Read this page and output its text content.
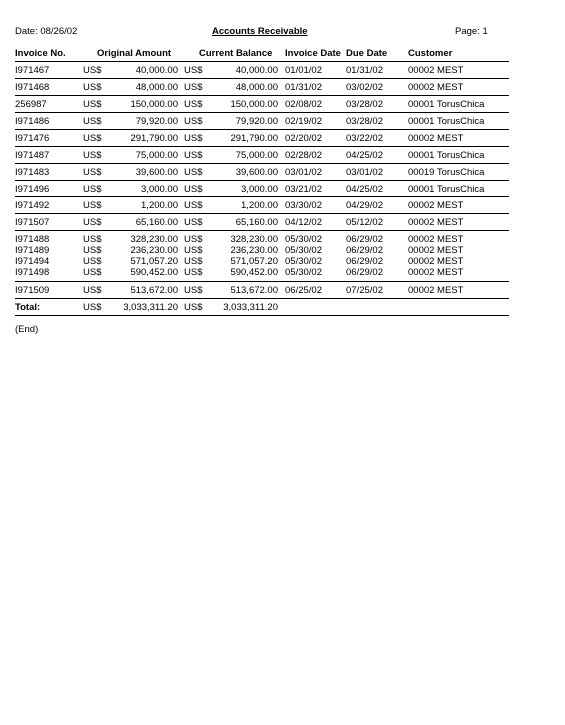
Date: 08/26/02	Accounts Receivable	Page: 1
Invoice No.	Original Amount	Current Balance Invoice Date Due Date Customer
I971467	US$	40,000.00 US$	40,000.00 01/01/02	01/31/02	00002 MEST
I971468	US$	48,000.00 US$	48,000.00 01/31/02	03/02/02	00002 MEST
256987	US$	150,000.00 US$	150,000.00 02/08/02	03/28/02	00001 TorusChica
I971486	US$	79,920.00 US$	79,920.00 02/19/02	03/28/02	00001 TorusChica
I971476	US$	291,790.00 US$	291,790.00 02/20/02	03/22/02	00002 MEST
I971487	US$	75,000.00 US$	75,000.00 02/28/02	04/25/02	00001 TorusChica
I971483	US$	39,600.00 US$	39,600.00 03/01/02	03/01/02	00019 TorusChica
I971496	US$	3,000.00 US$	3,000.00 03/21/02	04/25/02	00001 TorusChica
I971492	US$	1,200.00 US$	1,200.00 03/30/02	04/29/02	00002 MEST
I971507	US$	65,160.00 US$	65,160.00 04/12/02	05/12/02	00002 MEST
I971488	US$	328,230.00 US$	328,230.00 05/30/02	06/29/02	00002 MEST
I971489	US$	236,230.00 US$	236,230.00 05/30/02	06/29/02	00002 MEST
I971494	US$	571,057.20 US$	571,057.20 05/30/02	06/29/02	00002 MEST
I971498	US$	590,452.00 US$	590,452.00 05/30/02	06/29/02	00002 MEST
I971509	US$	513,672.00 US$	513,672.00 06/25/02	07/25/02	00002 MEST
Total:	US$ 3,033,311.20 US$ 3,033,311.20
(End)
